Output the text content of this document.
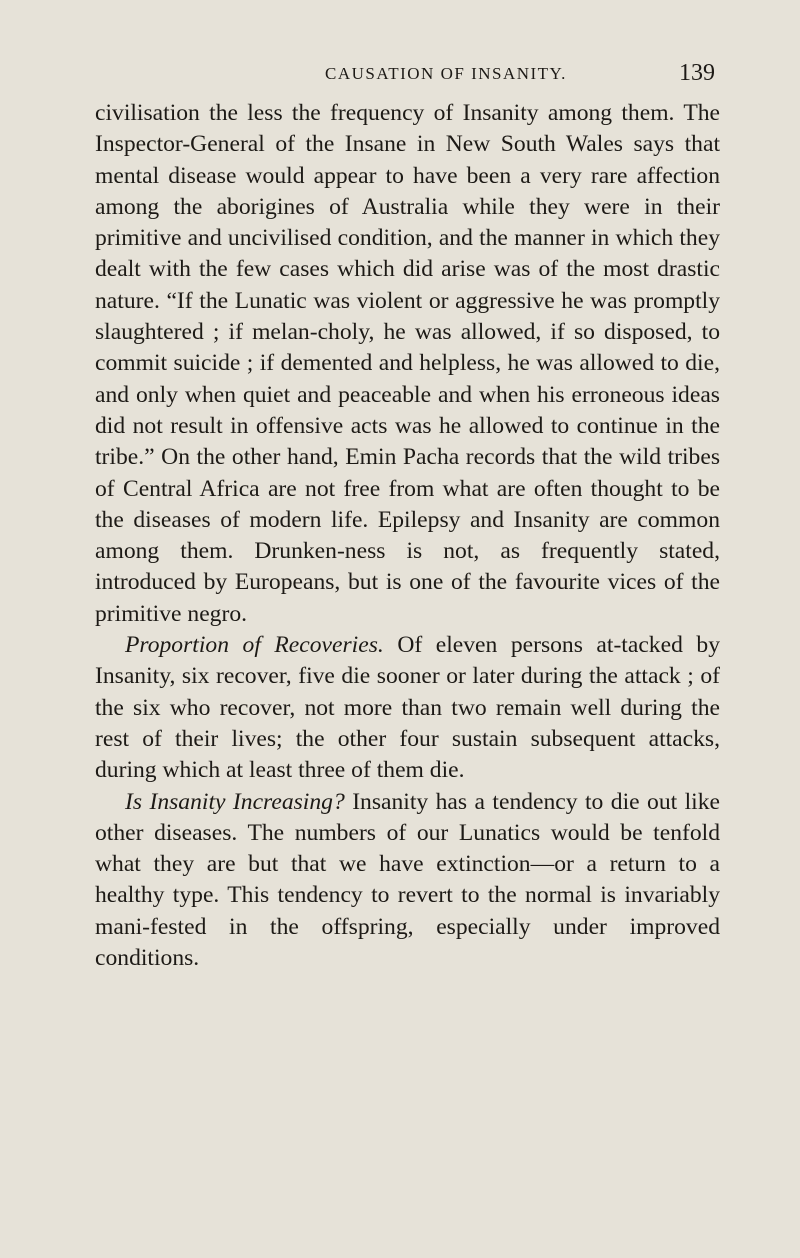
CAUSATION OF INSANITY.	139

civilisation the less the frequency of Insanity among them. The Inspector-General of the Insane in New South Wales says that mental disease would appear to have been a very rare affection among the aborigines of Australia while they were in their primitive and uncivilised condition, and the manner in which they dealt with the few cases which did arise was of the most drastic nature. “If the Lunatic was violent or aggressive he was promptly slaughtered ; if melan-choly, he was allowed, if so disposed, to commit suicide ; if demented and helpless, he was allowed to die, and only when quiet and peaceable and when his erroneous ideas did not result in offensive acts was he allowed to continue in the tribe.” On the other hand, Emin Pacha records that the wild tribes of Central Africa are not free from what are often thought to be the diseases of modern life. Epilepsy and Insanity are common among them. Drunken-ness is not, as frequently stated, introduced by Europeans, but is one of the favourite vices of the primitive negro.

Proportion of Recoveries. Of eleven persons at-tacked by Insanity, six recover, five die sooner or later during the attack ; of the six who recover, not more than two remain well during the rest of their lives; the other four sustain subsequent attacks, during which at least three of them die.

Is Insanity Increasing? Insanity has a tendency to die out like other diseases. The numbers of our Lunatics would be tenfold what they are but that we have extinction—or a return to a healthy type. This tendency to revert to the normal is invariably mani-fested in the offspring, especially under improved conditions.
